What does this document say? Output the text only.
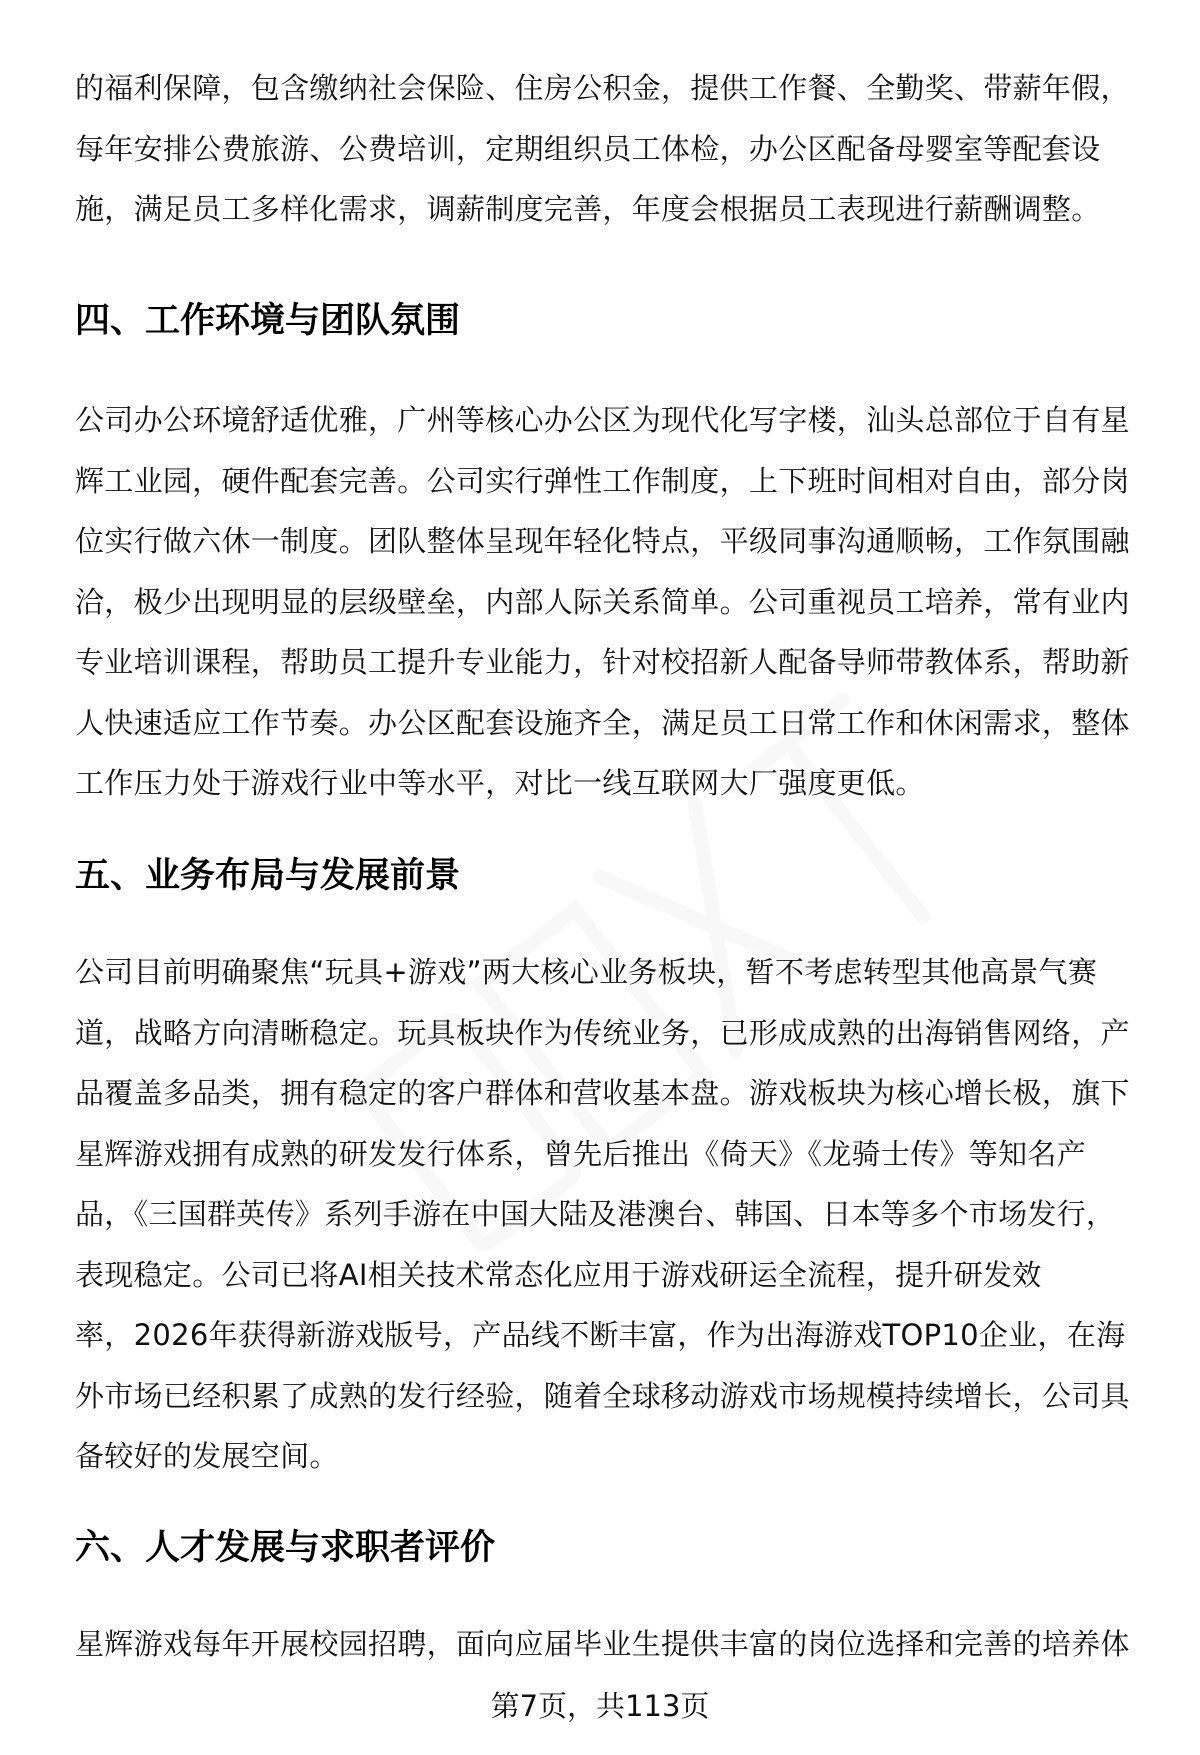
的福利保障，包含缴纳社会保险、住房公积金，提供工作餐、全勤奖、带薪年假，
每年安排公费旅游、公费培训，定期组织员工体检，办公区配备母婴室等配套设
施，满足员工多样化需求，调薪制度完善，年度会根据员工表现进行薪酬调整。

四、工作环境与团队氛围

公司办公环境舒适优雅，广州等核心办公区为现代化写字楼，汕头总部位于自有星
辉工业园，硬件配套完善。公司实行弹性工作制度，上下班时间相对自由，部分岗
位实行做六休一制度。团队整体呈现年轻化特点，平级同事沟通顺畅，工作氛围融
洽，极少出现明显的层级壁垒，内部人际关系简单。公司重视员工培养，常有业内
专业培训课程，帮助员工提升专业能力，针对校招新人配备导师带教体系，帮助新
人快速适应工作节奏。办公区配套设施齐全，满足员工日常工作和休闲需求，整体
工作压力处于游戏行业中等水平，对比一线互联网大厂强度更低。

五、业务布局与发展前景

公司目前明确聚焦“玩具+游戏”两大核心业务板块，暂不考虑转型其他高景气赛
道，战略方向清晰稳定。玩具板块作为传统业务，已形成成熟的出海销售网络，产
品覆盖多品类，拥有稳定的客户群体和营收基本盘。游戏板块为核心增长极，旗下
星辉游戏拥有成熟的研发发行体系，曾先后推出《倚天》《龙骑士传》等知名产
品，《三国群英传》系列手游在中国大陆及港澳台、韩国、日本等多个市场发行，
表现稳定。公司已将AI相关技术常态化应用于游戏研运全流程，提升研发效
率，2026年获得新游戏版号，产品线不断丰富，作为出海游戏TOP10企业，在海
外市场已经积累了成熟的发行经验，随着全球移动游戏市场规模持续增长，公司具
备较好的发展空间。

六、人才发展与求职者评价

星辉游戏每年开展校园招聘，面向应届毕业生提供丰富的岗位选择和完善的培养体

第7页，共113页
